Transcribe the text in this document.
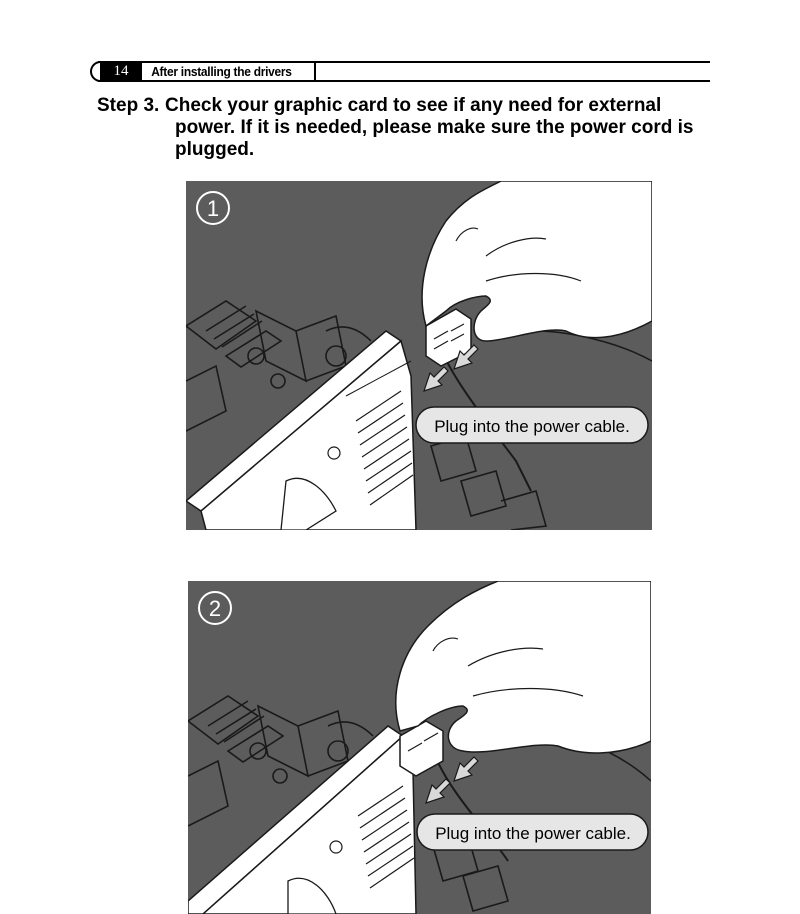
14	After installing the drivers
Step 3. Check your graphic card to see if any need for external
power. If it is needed, please make sure the power cord is
plugged.
1
Plug into the power cable.
2
Plug into the power cable.
